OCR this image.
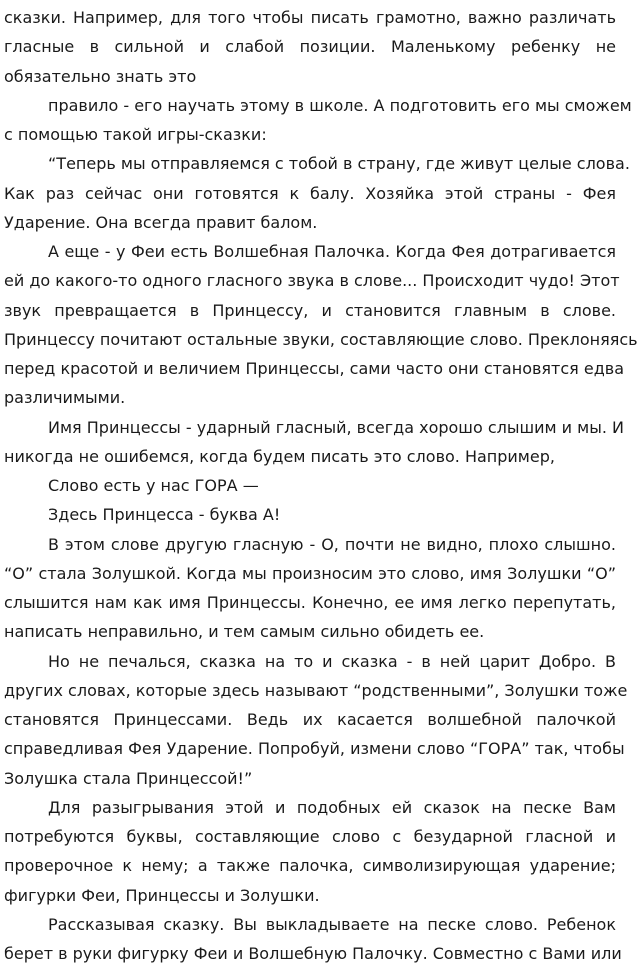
сказки. Например, для того чтобы писать грамотно, важно различать
гласные в сильной и слабой позиции. Маленькому ребенку не
обязательно знать это
правило - его научать этому в школе. А подготовить его мы сможем
с помощью такой игры-сказки:
“Теперь мы отправляемся с тобой в страну, где живут целые слова.
Как раз сейчас они готовятся к балу. Хозяйка этой страны - Фея
Ударение. Она всегда правит балом.
А еще - у Феи есть Волшебная Палочка. Когда Фея дотрагивается
ей до какого-то одного гласного звука в слове... Происходит чудо! Этот
звук превращается в Принцессу, и становится главным в слове.
Принцессу почитают остальные звуки, составляющие слово. Преклоняясь
перед красотой и величием Принцессы, сами часто они становятся едва
различимыми.
Имя Принцессы - ударный гласный, всегда хорошо слышим и мы. И
никогда не ошибемся, когда будем писать это слово. Например,
Слово есть у нас ГОРА —
Здесь Принцесса - буква А!
В этом слове другую гласную - О, почти не видно, плохо слышно.
“О” стала Золушкой. Когда мы произносим это слово, имя Золушки “О”
слышится нам как имя Принцессы. Конечно, ее имя легко перепутать,
написать неправильно, и тем самым сильно обидеть ее.
Но не печалься, сказка на то и сказка - в ней царит Добро. В
других словах, которые здесь называют “родственными”, Золушки тоже
становятся Принцессами. Ведь их касается волшебной палочкой
справедливая Фея Ударение. Попробуй, измени слово “ГОРА” так, чтобы
Золушка стала Принцессой!”
Для разыгрывания этой и подобных ей сказок на песке Вам
потребуются буквы, составляющие слово с безударной гласной и
проверочное к нему; а также палочка, символизирующая ударение;
фигурки Феи, Принцессы и Золушки.
Рассказывая сказку. Вы выкладываете на песке слово. Ребенок
берет в руки фигурку Феи и Волшебную Палочку. Совместно с Вами или
